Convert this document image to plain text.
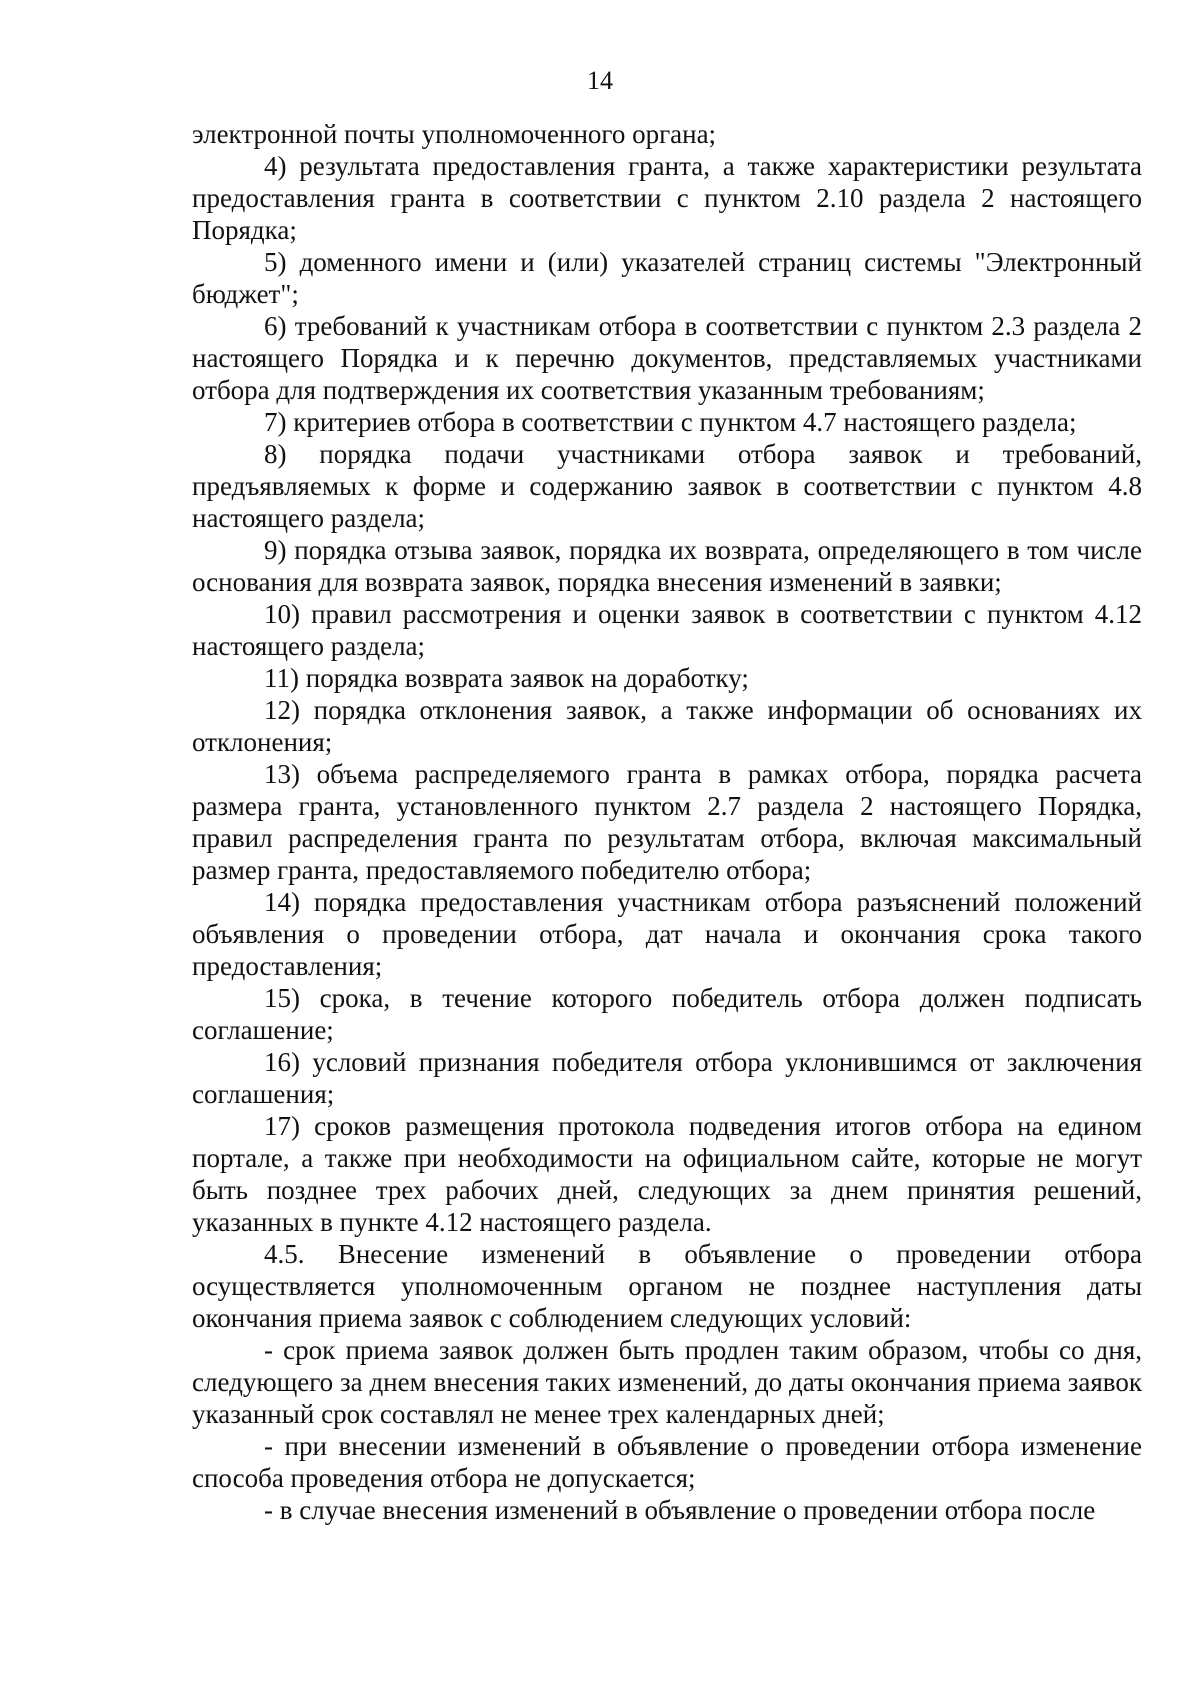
14

электронной почты уполномоченного органа;

4) результата предоставления гранта, а также характеристики результата предоставления гранта в соответствии с пунктом 2.10 раздела 2 настоящего Порядка;

5) доменного имени и (или) указателей страниц системы "Электронный бюджет";

6) требований к участникам отбора в соответствии с пунктом 2.3 раздела 2 настоящего Порядка и к перечню документов, представляемых участниками отбора для подтверждения их соответствия указанным требованиям;

7) критериев отбора в соответствии с пунктом 4.7 настоящего раздела;

8) порядка подачи участниками отбора заявок и требований, предъявляемых к форме и содержанию заявок в соответствии с пунктом 4.8 настоящего раздела;

9) порядка отзыва заявок, порядка их возврата, определяющего в том числе основания для возврата заявок, порядка внесения изменений в заявки;

10) правил рассмотрения и оценки заявок в соответствии с пунктом 4.12 настоящего раздела;

11) порядка возврата заявок на доработку;

12) порядка отклонения заявок, а также информации об основаниях их отклонения;

13) объема распределяемого гранта в рамках отбора, порядка расчета размера гранта, установленного пунктом 2.7 раздела 2 настоящего Порядка, правил распределения гранта по результатам отбора, включая максимальный размер гранта, предоставляемого победителю отбора;

14) порядка предоставления участникам отбора разъяснений положений объявления о проведении отбора, дат начала и окончания срока такого предоставления;

15) срока, в течение которого победитель отбора должен подписать соглашение;

16) условий признания победителя отбора уклонившимся от заключения соглашения;

17) сроков размещения протокола подведения итогов отбора на едином портале, а также при необходимости на официальном сайте, которые не могут быть позднее трех рабочих дней, следующих за днем принятия решений, указанных в пункте 4.12 настоящего раздела.

4.5. Внесение изменений в объявление о проведении отбора осуществляется уполномоченным органом не позднее наступления даты окончания приема заявок с соблюдением следующих условий:

- срок приема заявок должен быть продлен таким образом, чтобы со дня, следующего за днем внесения таких изменений, до даты окончания приема заявок указанный срок составлял не менее трех календарных дней;

- при внесении изменений в объявление о проведении отбора изменение способа проведения отбора не допускается;

- в случае внесения изменений в объявление о проведении отбора после
